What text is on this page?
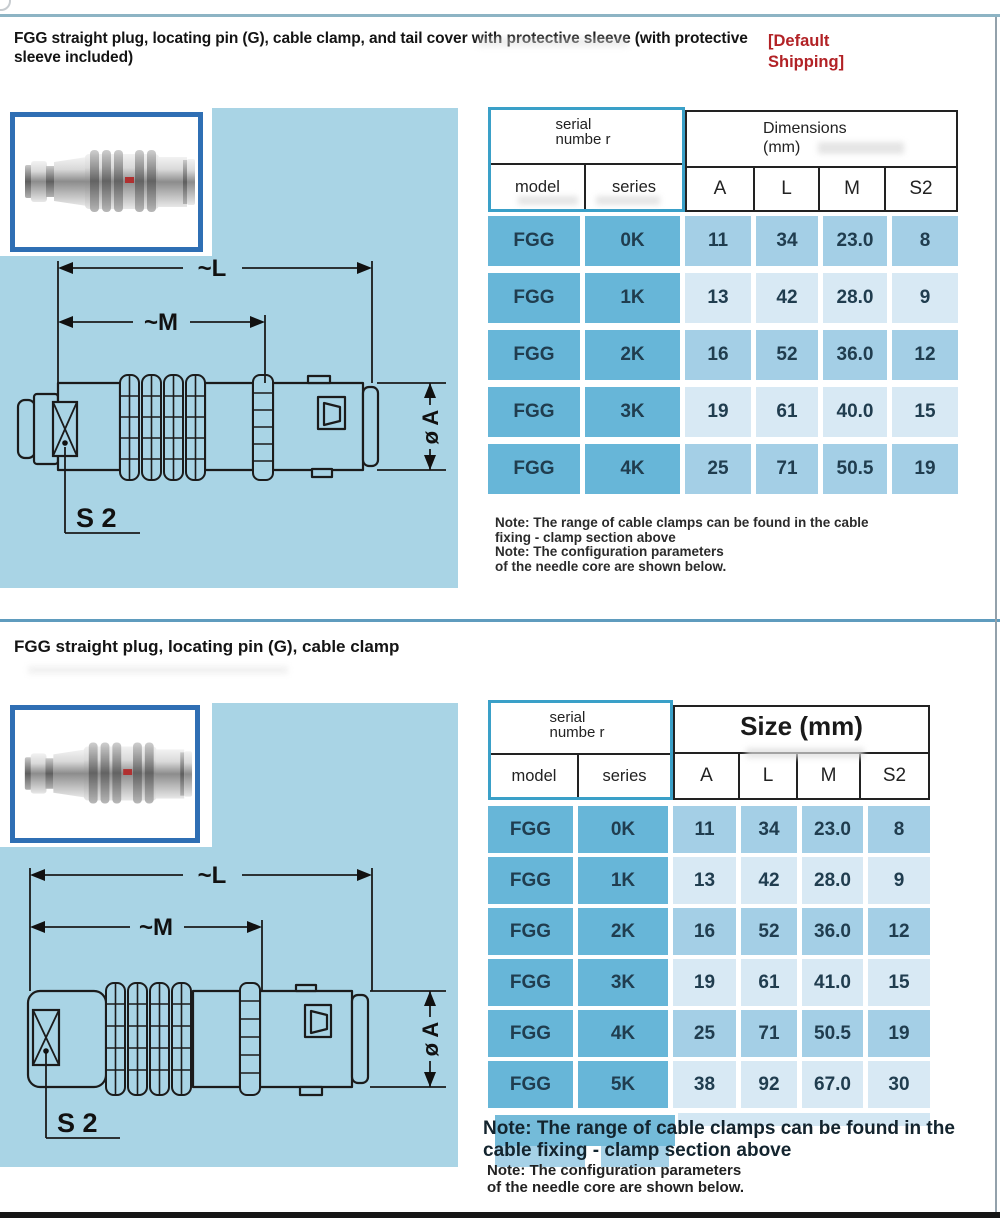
FGG straight plug, locating pin (G), cable clamp, and tail cover with protective sleeve (with protective sleeve included)
[Default Shipping]
~L
~M
ø A
S 2
serial numbe r
model	series
Dimensions
(mm)
A	L	M	S2
FGG	0K	11	34	23.0	8
FGG	1K	13	42	28.0	9
FGG	2K	16	52	36.0	12
FGG	3K	19	61	40.0	15
FGG	4K	25	71	50.5	19
Note: The range of cable clamps can be found in the cable fixing - clamp section above
Note: The configuration parameters of the needle core are shown below.
FGG straight plug, locating pin (G), cable clamp
~L
~M
ø A
S 2
serial numbe r
model	series
Size (mm)
A	L	M	S2
FGG	0K	11	34	23.0	8
FGG	1K	13	42	28.0	9
FGG	2K	16	52	36.0	12
FGG	3K	19	61	41.0	15
FGG	4K	25	71	50.5	19
FGG	5K	38	92	67.0	30
Note: The range of cable clamps can be found in the cable fixing - clamp section above
Note: The configuration parameters of the needle core are shown below.
